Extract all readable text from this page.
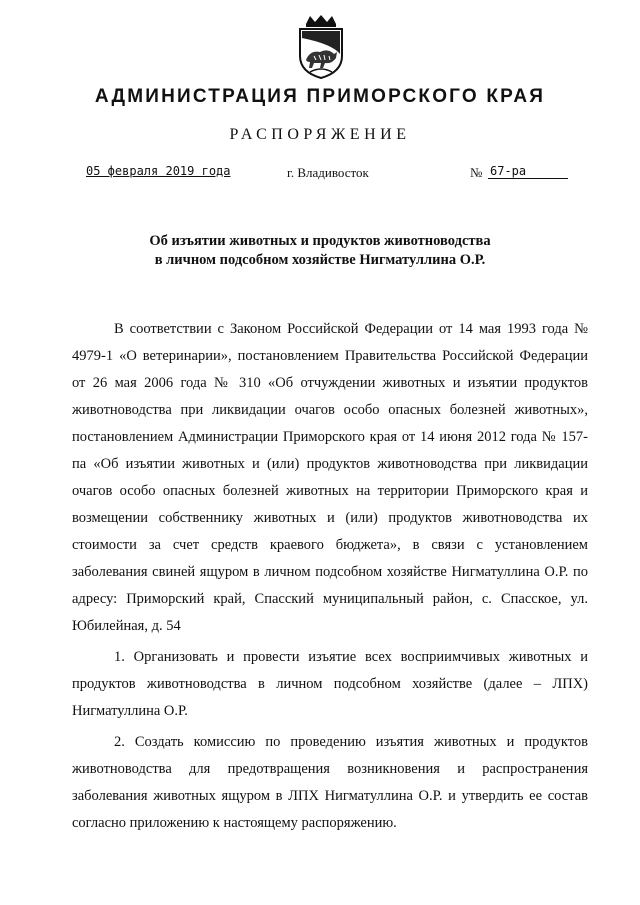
АДМИНИСТРАЦИЯ ПРИМОРСКОГО КРАЯ
РАСПОРЯЖЕНИЕ
05 февраля 2019 года	г. Владивосток	№ 67-ра
Об изъятии животных и продуктов животноводства
в личном подсобном хозяйстве Нигматуллина О.Р.

В соответствии с Законом Российской Федерации от 14 мая 1993 года № 4979-1 «О ветеринарии», постановлением Правительства Российской Федерации от 26 мая 2006 года № 310 «Об отчуждении животных и изъятии продуктов животноводства при ликвидации очагов особо опасных болезней животных», постановлением Администрации Приморского края от 14 июня 2012 года № 157-па «Об изъятии животных и (или) продуктов животноводства при ликвидации очагов особо опасных болезней животных на территории Приморского края и возмещении собственнику животных и (или) продуктов животноводства их стоимости за счет средств краевого бюджета», в связи с установлением заболевания свиней ящуром в личном подсобном хозяйстве Нигматуллина О.Р. по адресу: Приморский край, Спасский муниципальный район, с. Спасское, ул. Юбилейная, д. 54

1. Организовать и провести изъятие всех восприимчивых животных и продуктов животноводства в личном подсобном хозяйстве (далее – ЛПХ) Нигматуллина О.Р.

2. Создать комиссию по проведению изъятия животных и продуктов животноводства для предотвращения возникновения и распространения заболевания животных ящуром в ЛПХ Нигматуллина О.Р. и утвердить ее состав согласно приложению к настоящему распоряжению.
